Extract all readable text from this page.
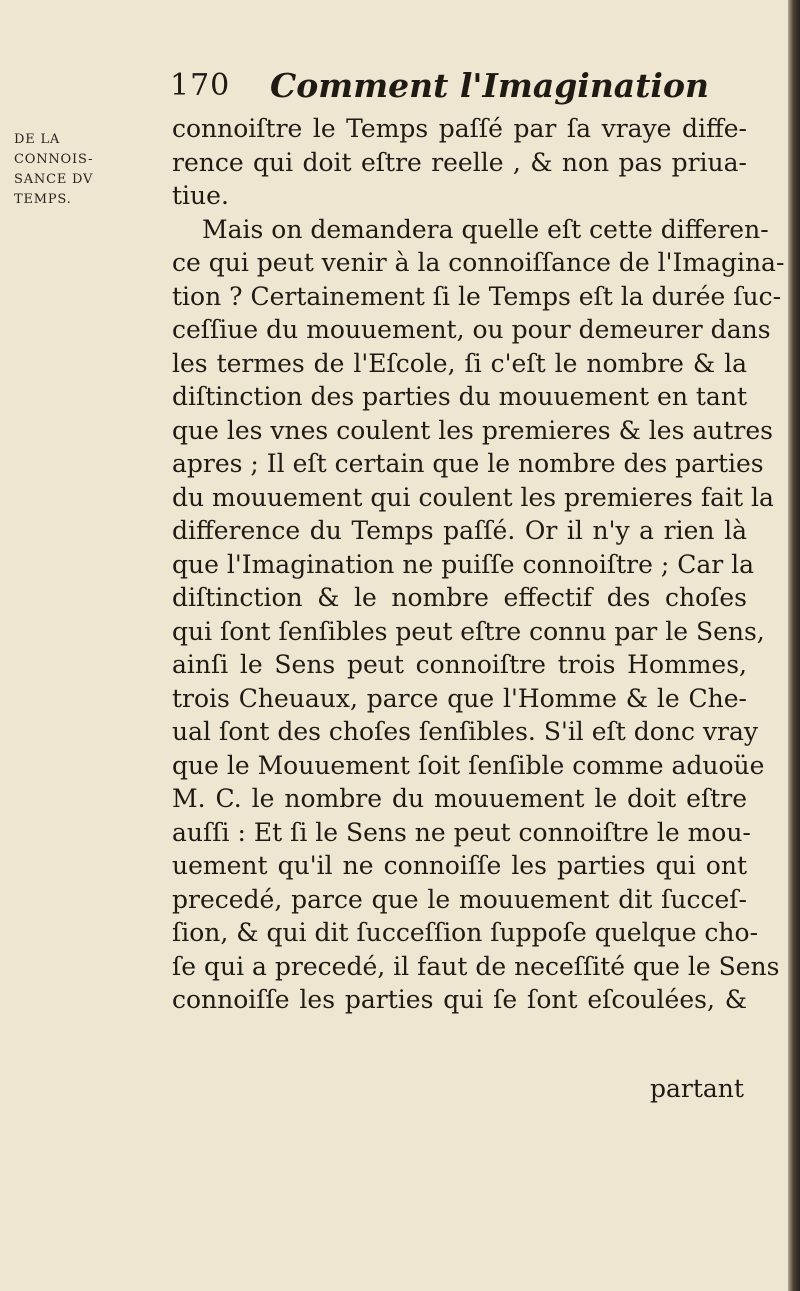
170 Comment l'Imagination
DE LA
CONNOIS-
SANCE DV
TEMPS.
connoiſtre le Temps paſſé par ſa vraye diffe-
rence qui doit eſtre reelle , & non pas priua-
tiue.
Mais on demandera quelle eſt cette differen-
ce qui peut venir à la connoiſſance de l'Imagina-
tion ? Certainement ſi le Temps eſt la durée ſuc-
ceſſiue du mouuement, ou pour demeurer dans
les termes de l'Eſcole, ſi c'eſt le nombre & la
diſtinction des parties du mouuement en tant
que les vnes coulent les premieres & les autres
apres ; Il eſt certain que le nombre des parties
du mouuement qui coulent les premieres fait la
difference du Temps paſſé. Or il n'y a rien là
que l'Imagination ne puiſſe connoiſtre ; Car la
diſtinction & le nombre effectif des choſes
qui ſont ſenſibles peut eſtre connu par le Sens,
ainſi le Sens peut connoiſtre trois Hommes,
trois Cheuaux, parce que l'Homme & le Che-
ual ſont des choſes ſenſibles. S'il eſt donc vray
que le Mouuement ſoit ſenſible comme aduoüe
M. C. le nombre du mouuement le doit eſtre
auſſi : Et ſi le Sens ne peut connoiſtre le mou-
uement qu'il ne connoiſſe les parties qui ont
precedé, parce que le mouuement dit ſucceſ-
ſion, & qui dit ſucceſſion ſuppoſe quelque cho-
ſe qui a precedé, il faut de neceſſité que le Sens
connoiſſe les parties qui ſe ſont eſcoulées, &
partant
